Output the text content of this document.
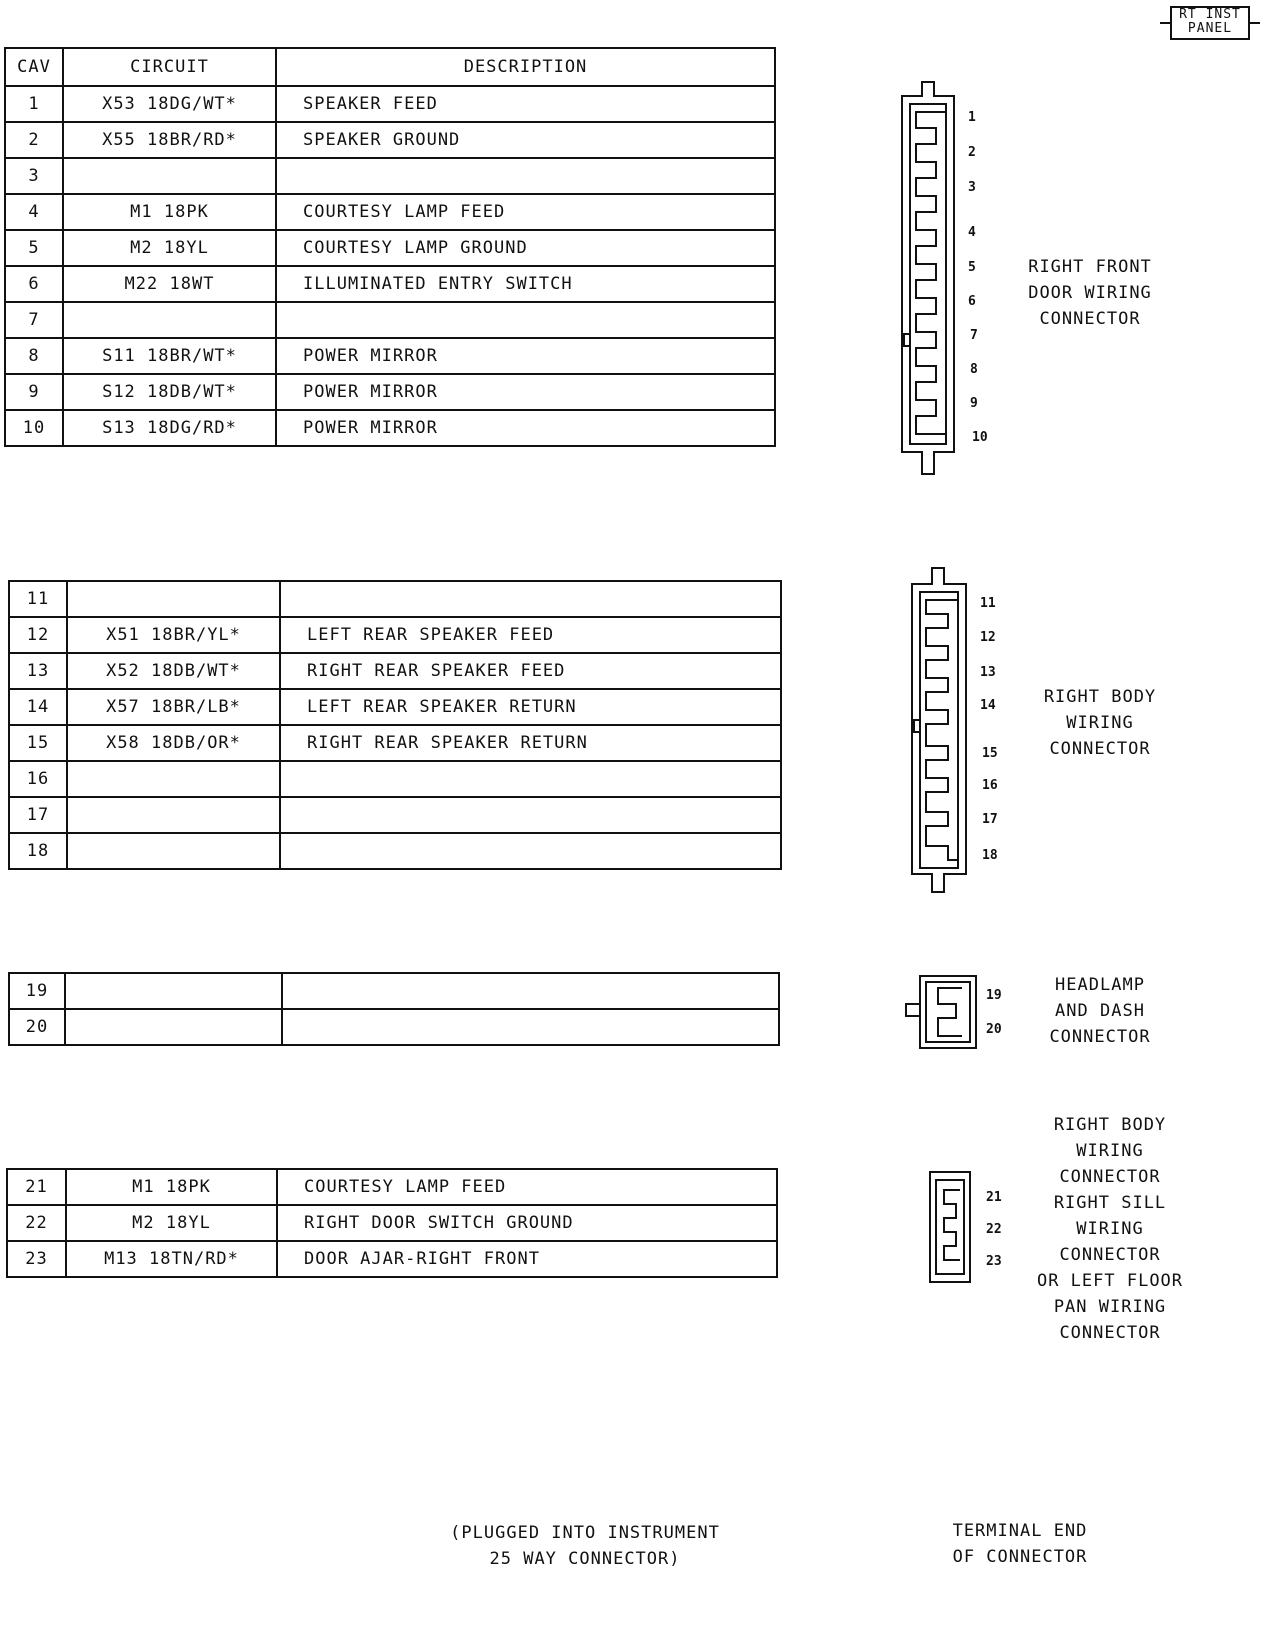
RT INST
PANEL
CAV	CIRCUIT	DESCRIPTION
1	X53 18DG/WT*	SPEAKER FEED
2	X55 18BR/RD*	SPEAKER GROUND
3		
4	M1 18PK	COURTESY LAMP FEED
5	M2 18YL	COURTESY LAMP GROUND
6	M22 18WT	ILLUMINATED ENTRY SWITCH
7		
8	S11 18BR/WT*	POWER MIRROR
9	S12 18DB/WT*	POWER MIRROR
10	S13 18DG/RD*	POWER MIRROR
11		
12	X51 18BR/YL*	LEFT REAR SPEAKER FEED
13	X52 18DB/WT*	RIGHT REAR SPEAKER FEED
14	X57 18BR/LB*	LEFT REAR SPEAKER RETURN
15	X58 18DB/OR*	RIGHT REAR SPEAKER RETURN
16		
17		
18		
19		
20		
21	M1 18PK	COURTESY LAMP FEED
22	M2 18YL	RIGHT DOOR SWITCH GROUND
23	M13 18TN/RD*	DOOR AJAR-RIGHT FRONT
1
2
3
4
5
6
7
8
9
10
RIGHT FRONT
DOOR WIRING
CONNECTOR
11
12
13
14
15
16
17
18
RIGHT BODY
WIRING
CONNECTOR
19
20
HEADLAMP
AND DASH
CONNECTOR
21
22
23
RIGHT BODY
WIRING
CONNECTOR
RIGHT SILL
WIRING
CONNECTOR
OR LEFT FLOOR
PAN WIRING
CONNECTOR
(PLUGGED INTO INSTRUMENT
25 WAY CONNECTOR)
TERMINAL END
OF CONNECTOR
